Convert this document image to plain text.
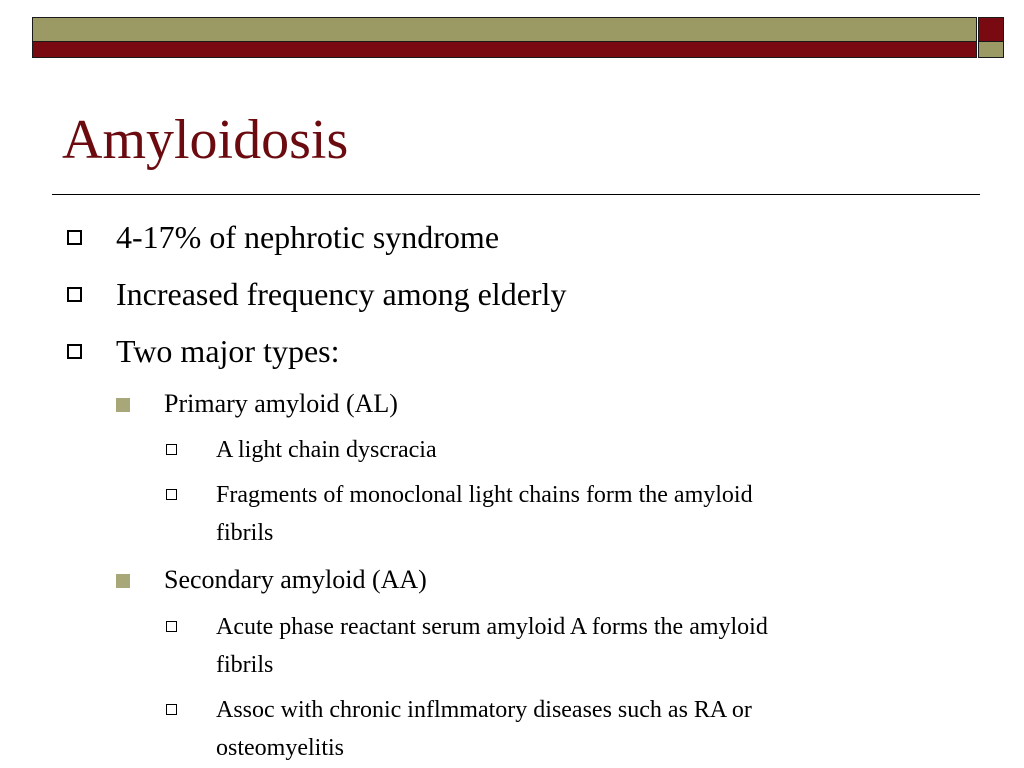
Amyloidosis
4-17% of nephrotic syndrome
Increased frequency among elderly
Two major types:
Primary amyloid (AL)
A light chain dyscracia
Fragments of monoclonal light chains form the amyloid
fibrils
Secondary amyloid (AA)
Acute phase reactant serum amyloid A forms the amyloid
fibrils
Assoc with chronic inflmmatory diseases such as RA or
osteomyelitis
